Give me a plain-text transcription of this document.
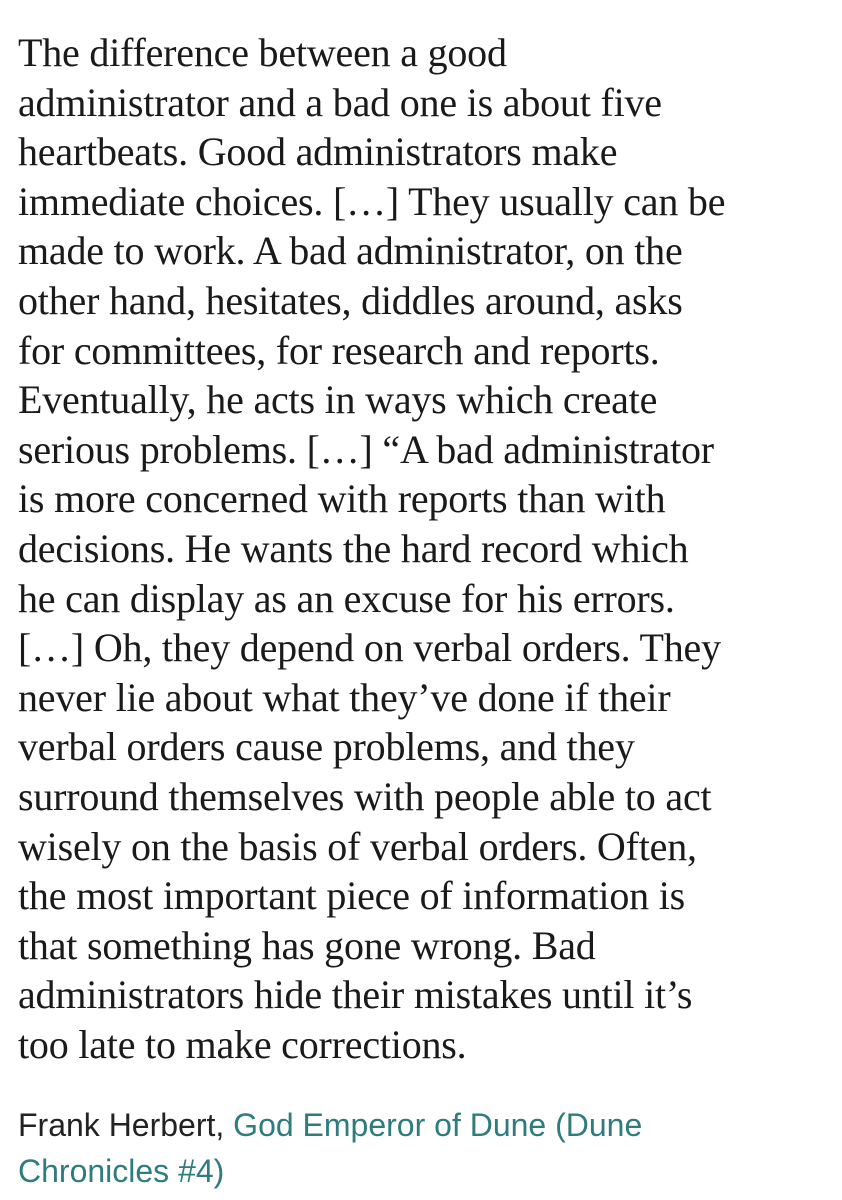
The difference between a good
administrator and a bad one is about five
heartbeats. Good administrators make
immediate choices. […] They usually can be
made to work. A bad administrator, on the
other hand, hesitates, diddles around, asks
for committees, for research and reports.
Eventually, he acts in ways which create
serious problems. […] “A bad administrator
is more concerned with reports than with
decisions. He wants the hard record which
he can display as an excuse for his errors.
[…] Oh, they depend on verbal orders. They
never lie about what they’ve done if their
verbal orders cause problems, and they
surround themselves with people able to act
wisely on the basis of verbal orders. Often,
the most important piece of information is
that something has gone wrong. Bad
administrators hide their mistakes until it’s
too late to make corrections.
Frank Herbert, God Emperor of Dune (Dune
Chronicles #4)
